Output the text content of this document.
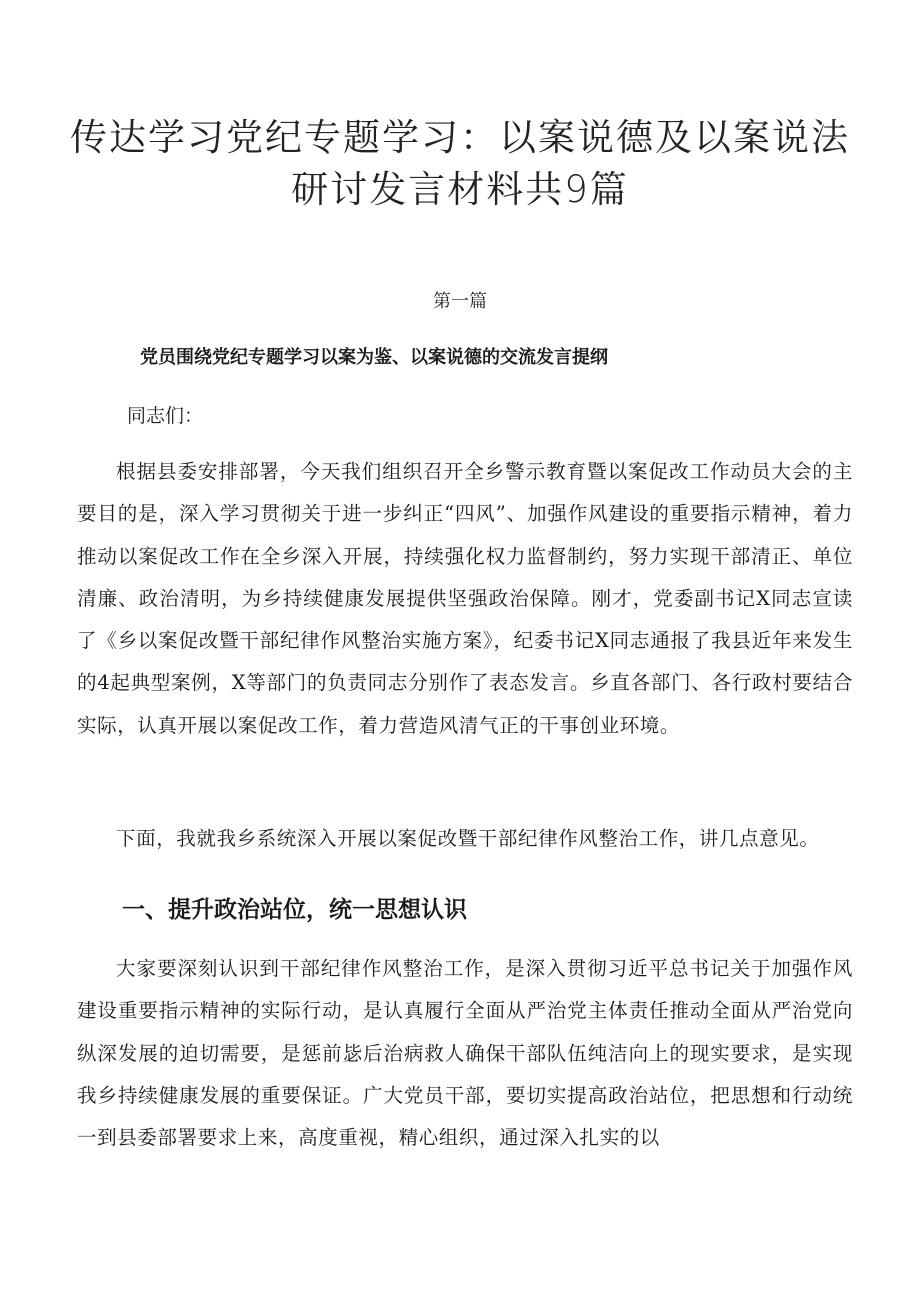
传达学习党纪专题学习：以案说德及以案说法研讨发言材料共9篇
第一篇
党员围绕党纪专题学习以案为鉴、以案说德的交流发言提纲
同志们：

根据县委安排部署，今天我们组织召开全乡警示教育暨以案促改工作动员大会的主要目的是，深入学习贯彻关于进一步纠正“四风”、加强作风建设的重要指示精神，着力推动以案促改工作在全乡深入开展，持续强化权力监督制约，努力实现干部清正、单位清廉、政治清明，为乡持续健康发展提供坚强政治保障。刚才，党委副书记X同志宣读了《乡以案促改暨干部纪律作风整治实施方案》，纪委书记X同志通报了我县近年来发生的4起典型案例，X等部门的负责同志分别作了表态发言。乡直各部门、各行政村要结合实际，认真开展以案促改工作，着力营造风清气正的干事创业环境。

下面，我就我乡系统深入开展以案促改暨干部纪律作风整治工作，讲几点意见。

一、提升政治站位，统一思想认识

大家要深刻认识到干部纪律作风整治工作，是深入贯彻习近平总书记关于加强作风建设重要指示精神的实际行动，是认真履行全面从严治党主体责任推动全面从严治党向纵深发展的迫切需要，是惩前毖后治病救人确保干部队伍纯洁向上的现实要求，是实现我乡持续健康发展的重要保证。广大党员干部，要切实提高政治站位，把思想和行动统一到县委部署要求上来，高度重视，精心组织，通过深入扎实的以
